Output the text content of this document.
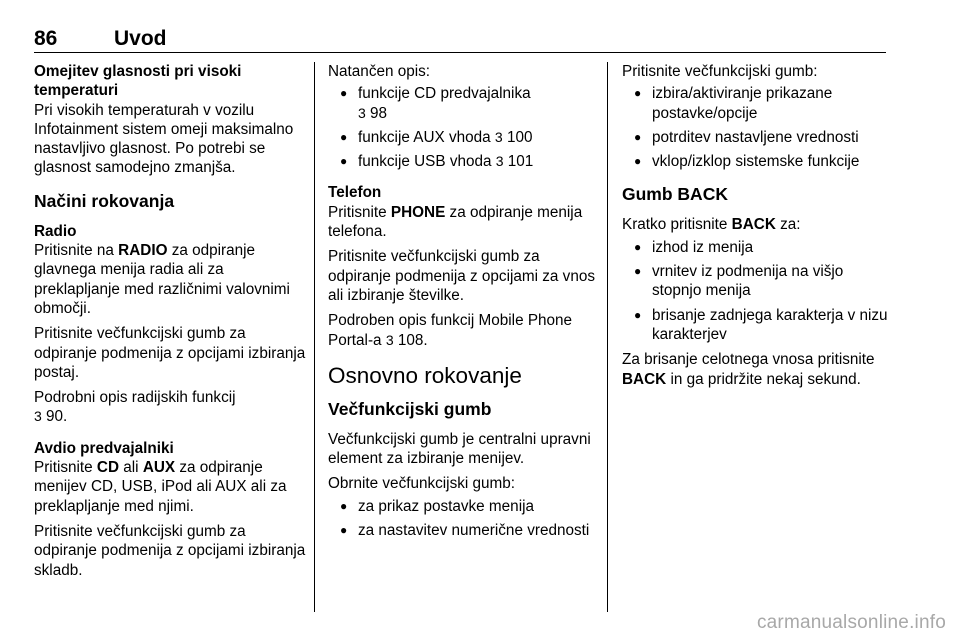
86	Uvod
Omejitev glasnosti pri visoki temperaturi

Pri visokih temperaturah v vozilu Infotainment sistem omeji maksimalno nastavljivo glasnost. Po potrebi se glasnost samodejno zmanjša.

Načini rokovanja
Radio

Pritisnite na RADIO za odpiranje glavnega menija radia ali za preklapljanje med različnimi valovnimi območji.

Pritisnite večfunkcijski gumb za odpiranje podmenija z opcijami izbiranja postaj.

Podrobni opis radijskih funkcij
3 90.

Avdio predvajalniki

Pritisnite CD ali AUX za odpiranje menijev CD, USB, iPod ali AUX ali za preklapljanje med njimi.

Pritisnite večfunkcijski gumb za odpiranje podmenija z opcijami izbiranja skladb.

Natančen opis:

● funkcije CD predvajalnika
3 98
● funkcije AUX vhoda 3 100
● funkcije USB vhoda 3 101
Telefon

Pritisnite PHONE za odpiranje menija telefona.

Pritisnite večfunkcijski gumb za odpiranje podmenija z opcijami za vnos ali izbiranje številke.

Podroben opis funkcij Mobile Phone Portal-a 3 108.

Osnovno rokovanje
Večfunkcijski gumb

Večfunkcijski gumb je centralni upravni element za izbiranje menijev.

Obrnite večfunkcijski gumb:

● za prikaz postavke menija
● za nastavitev numerične vrednosti

Pritisnite večfunkcijski gumb:

● izbira/aktiviranje prikazane postavke/opcije
● potrditev nastavljene vrednosti
● vklop/izklop sistemske funkcije
Gumb BACK

Kratko pritisnite BACK za:

● izhod iz menija
● vrnitev iz podmenija na višjo stopnjo menija
● brisanje zadnjega karakterja v nizu karakterjev

Za brisanje celotnega vnosa pritisnite BACK in ga pridržite nekaj sekund.

carmanualsonline.info
